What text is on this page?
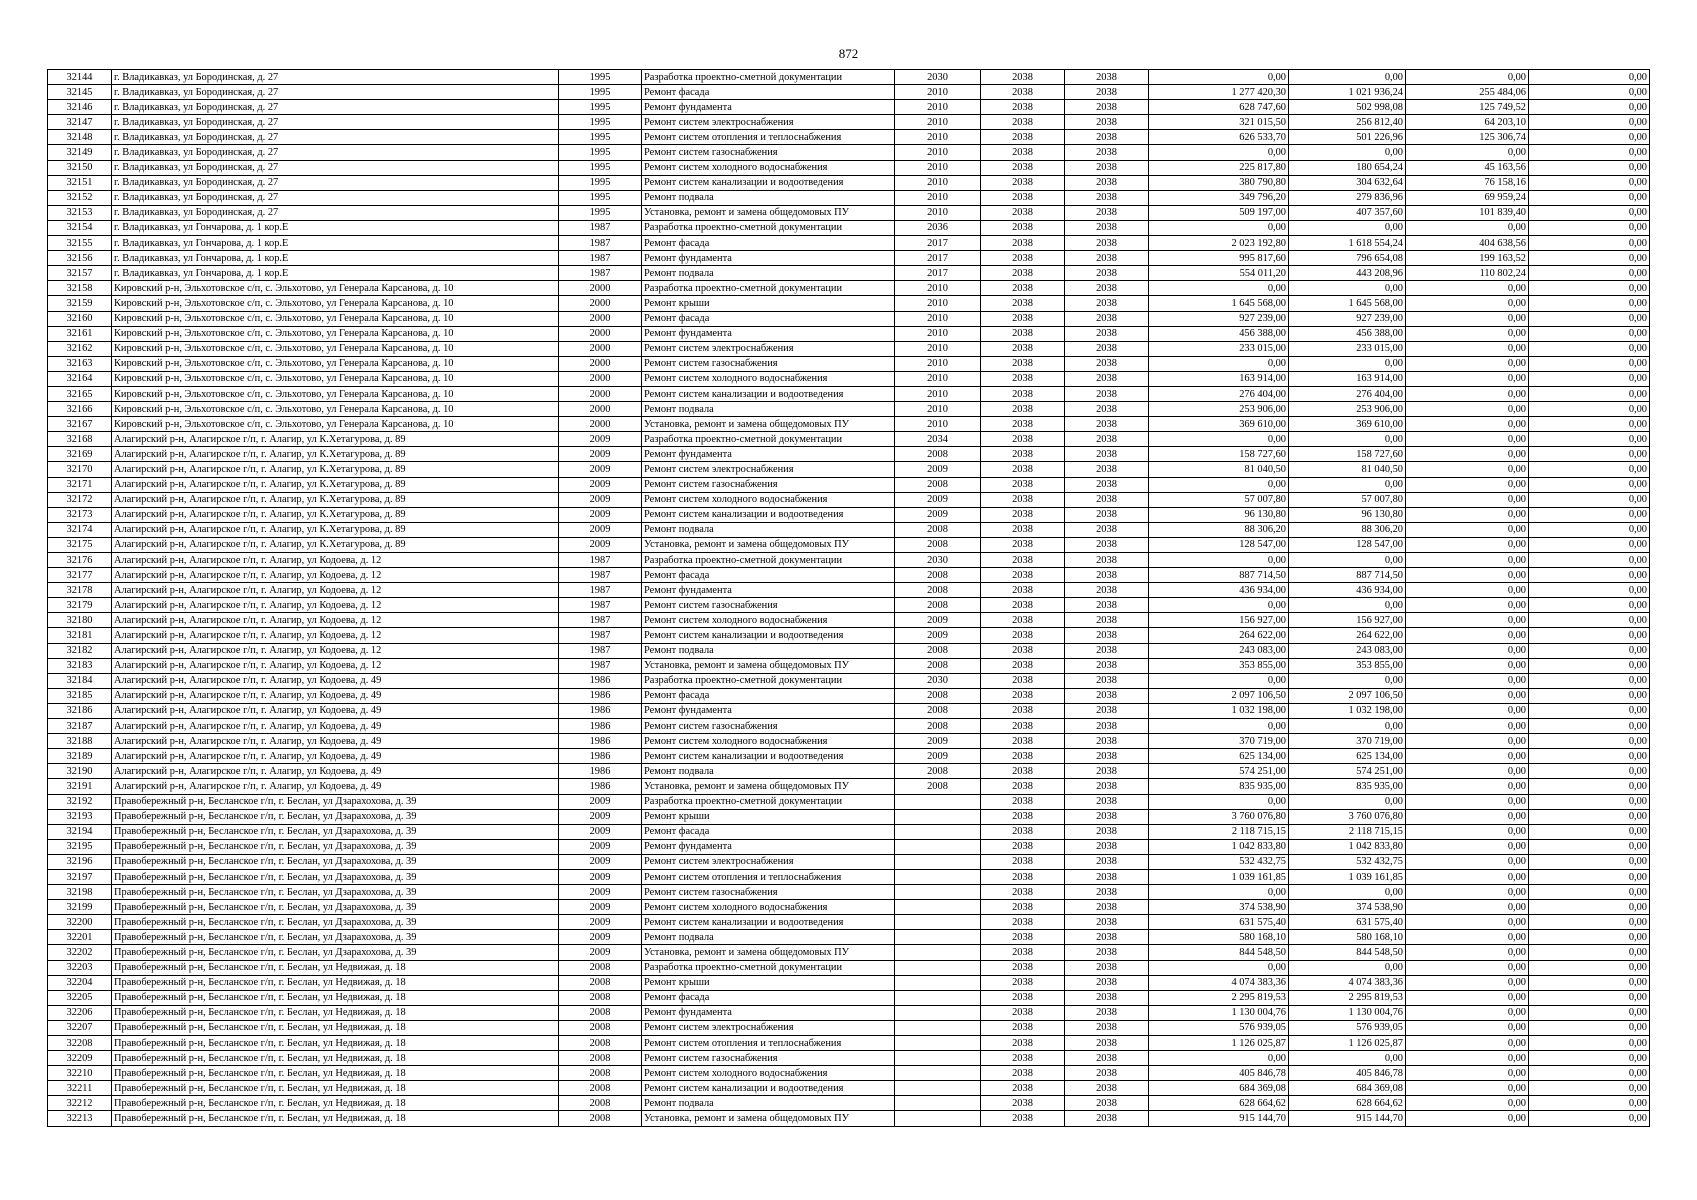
872
32144	г. Владикавказ, ул Бородинская, д. 27	1995	Разработка проектно-сметной документации	2030	2038	2038	0,00	0,00	0,00	0,00
32145	г. Владикавказ, ул Бородинская, д. 27	1995	Ремонт фасада	2010	2038	2038	1 277 420,30	1 021 936,24	255 484,06	0,00
32146	г. Владикавказ, ул Бородинская, д. 27	1995	Ремонт фундамента	2010	2038	2038	628 747,60	502 998,08	125 749,52	0,00
32147	г. Владикавказ, ул Бородинская, д. 27	1995	Ремонт систем электроснабжения	2010	2038	2038	321 015,50	256 812,40	64 203,10	0,00
32148	г. Владикавказ, ул Бородинская, д. 27	1995	Ремонт систем отопления и теплоснабжения	2010	2038	2038	626 533,70	501 226,96	125 306,74	0,00
32149	г. Владикавказ, ул Бородинская, д. 27	1995	Ремонт систем газоснабжения	2010	2038	2038	0,00	0,00	0,00	0,00
32150	г. Владикавказ, ул Бородинская, д. 27	1995	Ремонт систем холодного водоснабжения	2010	2038	2038	225 817,80	180 654,24	45 163,56	0,00
32151	г. Владикавказ, ул Бородинская, д. 27	1995	Ремонт систем канализации и водоотведения	2010	2038	2038	380 790,80	304 632,64	76 158,16	0,00
32152	г. Владикавказ, ул Бородинская, д. 27	1995	Ремонт подвала	2010	2038	2038	349 796,20	279 836,96	69 959,24	0,00
32153	г. Владикавказ, ул Бородинская, д. 27	1995	Установка, ремонт и замена общедомовых ПУ	2010	2038	2038	509 197,00	407 357,60	101 839,40	0,00
32154	г. Владикавказ, ул Гончарова, д. 1 кор.Е	1987	Разработка проектно-сметной документации	2036	2038	2038	0,00	0,00	0,00	0,00
32155	г. Владикавказ, ул Гончарова, д. 1 кор.Е	1987	Ремонт фасада	2017	2038	2038	2 023 192,80	1 618 554,24	404 638,56	0,00
32156	г. Владикавказ, ул Гончарова, д. 1 кор.Е	1987	Ремонт фундамента	2017	2038	2038	995 817,60	796 654,08	199 163,52	0,00
32157	г. Владикавказ, ул Гончарова, д. 1 кор.Е	1987	Ремонт подвала	2017	2038	2038	554 011,20	443 208,96	110 802,24	0,00
32158	Кировский р-н, Эльхотовское с/п, с. Эльхотово, ул Генерала Карсанова, д. 10	2000	Разработка проектно-сметной документации	2010	2038	2038	0,00	0,00	0,00	0,00
32159	Кировский р-н, Эльхотовское с/п, с. Эльхотово, ул Генерала Карсанова, д. 10	2000	Ремонт крыши	2010	2038	2038	1 645 568,00	1 645 568,00	0,00	0,00
32160	Кировский р-н, Эльхотовское с/п, с. Эльхотово, ул Генерала Карсанова, д. 10	2000	Ремонт фасада	2010	2038	2038	927 239,00	927 239,00	0,00	0,00
32161	Кировский р-н, Эльхотовское с/п, с. Эльхотово, ул Генерала Карсанова, д. 10	2000	Ремонт фундамента	2010	2038	2038	456 388,00	456 388,00	0,00	0,00
32162	Кировский р-н, Эльхотовское с/п, с. Эльхотово, ул Генерала Карсанова, д. 10	2000	Ремонт систем электроснабжения	2010	2038	2038	233 015,00	233 015,00	0,00	0,00
32163	Кировский р-н, Эльхотовское с/п, с. Эльхотово, ул Генерала Карсанова, д. 10	2000	Ремонт систем газоснабжения	2010	2038	2038	0,00	0,00	0,00	0,00
32164	Кировский р-н, Эльхотовское с/п, с. Эльхотово, ул Генерала Карсанова, д. 10	2000	Ремонт систем холодного водоснабжения	2010	2038	2038	163 914,00	163 914,00	0,00	0,00
32165	Кировский р-н, Эльхотовское с/п, с. Эльхотово, ул Генерала Карсанова, д. 10	2000	Ремонт систем канализации и водоотведения	2010	2038	2038	276 404,00	276 404,00	0,00	0,00
32166	Кировский р-н, Эльхотовское с/п, с. Эльхотово, ул Генерала Карсанова, д. 10	2000	Ремонт подвала	2010	2038	2038	253 906,00	253 906,00	0,00	0,00
32167	Кировский р-н, Эльхотовское с/п, с. Эльхотово, ул Генерала Карсанова, д. 10	2000	Установка, ремонт и замена общедомовых ПУ	2010	2038	2038	369 610,00	369 610,00	0,00	0,00
32168	Алагирский р-н, Алагирское г/п, г. Алагир, ул К.Хетагурова, д. 89	2009	Разработка проектно-сметной документации	2034	2038	2038	0,00	0,00	0,00	0,00
32169	Алагирский р-н, Алагирское г/п, г. Алагир, ул К.Хетагурова, д. 89	2009	Ремонт фундамента	2008	2038	2038	158 727,60	158 727,60	0,00	0,00
32170	Алагирский р-н, Алагирское г/п, г. Алагир, ул К.Хетагурова, д. 89	2009	Ремонт систем электроснабжения	2009	2038	2038	81 040,50	81 040,50	0,00	0,00
32171	Алагирский р-н, Алагирское г/п, г. Алагир, ул К.Хетагурова, д. 89	2009	Ремонт систем газоснабжения	2008	2038	2038	0,00	0,00	0,00	0,00
32172	Алагирский р-н, Алагирское г/п, г. Алагир, ул К.Хетагурова, д. 89	2009	Ремонт систем холодного водоснабжения	2009	2038	2038	57 007,80	57 007,80	0,00	0,00
32173	Алагирский р-н, Алагирское г/п, г. Алагир, ул К.Хетагурова, д. 89	2009	Ремонт систем канализации и водоотведения	2009	2038	2038	96 130,80	96 130,80	0,00	0,00
32174	Алагирский р-н, Алагирское г/п, г. Алагир, ул К.Хетагурова, д. 89	2009	Ремонт подвала	2008	2038	2038	88 306,20	88 306,20	0,00	0,00
32175	Алагирский р-н, Алагирское г/п, г. Алагир, ул К.Хетагурова, д. 89	2009	Установка, ремонт и замена общедомовых ПУ	2008	2038	2038	128 547,00	128 547,00	0,00	0,00
32176	Алагирский р-н, Алагирское г/п, г. Алагир, ул Кодоева, д. 12	1987	Разработка проектно-сметной документации	2030	2038	2038	0,00	0,00	0,00	0,00
32177	Алагирский р-н, Алагирское г/п, г. Алагир, ул Кодоева, д. 12	1987	Ремонт фасада	2008	2038	2038	887 714,50	887 714,50	0,00	0,00
32178	Алагирский р-н, Алагирское г/п, г. Алагир, ул Кодоева, д. 12	1987	Ремонт фундамента	2008	2038	2038	436 934,00	436 934,00	0,00	0,00
32179	Алагирский р-н, Алагирское г/п, г. Алагир, ул Кодоева, д. 12	1987	Ремонт систем газоснабжения	2008	2038	2038	0,00	0,00	0,00	0,00
32180	Алагирский р-н, Алагирское г/п, г. Алагир, ул Кодоева, д. 12	1987	Ремонт систем холодного водоснабжения	2009	2038	2038	156 927,00	156 927,00	0,00	0,00
32181	Алагирский р-н, Алагирское г/п, г. Алагир, ул Кодоева, д. 12	1987	Ремонт систем канализации и водоотведения	2009	2038	2038	264 622,00	264 622,00	0,00	0,00
32182	Алагирский р-н, Алагирское г/п, г. Алагир, ул Кодоева, д. 12	1987	Ремонт подвала	2008	2038	2038	243 083,00	243 083,00	0,00	0,00
32183	Алагирский р-н, Алагирское г/п, г. Алагир, ул Кодоева, д. 12	1987	Установка, ремонт и замена общедомовых ПУ	2008	2038	2038	353 855,00	353 855,00	0,00	0,00
32184	Алагирский р-н, Алагирское г/п, г. Алагир, ул Кодоева, д. 49	1986	Разработка проектно-сметной документации	2030	2038	2038	0,00	0,00	0,00	0,00
32185	Алагирский р-н, Алагирское г/п, г. Алагир, ул Кодоева, д. 49	1986	Ремонт фасада	2008	2038	2038	2 097 106,50	2 097 106,50	0,00	0,00
32186	Алагирский р-н, Алагирское г/п, г. Алагир, ул Кодоева, д. 49	1986	Ремонт фундамента	2008	2038	2038	1 032 198,00	1 032 198,00	0,00	0,00
32187	Алагирский р-н, Алагирское г/п, г. Алагир, ул Кодоева, д. 49	1986	Ремонт систем газоснабжения	2008	2038	2038	0,00	0,00	0,00	0,00
32188	Алагирский р-н, Алагирское г/п, г. Алагир, ул Кодоева, д. 49	1986	Ремонт систем холодного водоснабжения	2009	2038	2038	370 719,00	370 719,00	0,00	0,00
32189	Алагирский р-н, Алагирское г/п, г. Алагир, ул Кодоева, д. 49	1986	Ремонт систем канализации и водоотведения	2009	2038	2038	625 134,00	625 134,00	0,00	0,00
32190	Алагирский р-н, Алагирское г/п, г. Алагир, ул Кодоева, д. 49	1986	Ремонт подвала	2008	2038	2038	574 251,00	574 251,00	0,00	0,00
32191	Алагирский р-н, Алагирское г/п, г. Алагир, ул Кодоева, д. 49	1986	Установка, ремонт и замена общедомовых ПУ	2008	2038	2038	835 935,00	835 935,00	0,00	0,00
32192	Правобережный р-н, Бесланское г/п, г. Беслан, ул Дзарахохова, д. 39	2009	Разработка проектно-сметной документации		2038	2038	0,00	0,00	0,00	0,00
32193	Правобережный р-н, Бесланское г/п, г. Беслан, ул Дзарахохова, д. 39	2009	Ремонт крыши		2038	2038	3 760 076,80	3 760 076,80	0,00	0,00
32194	Правобережный р-н, Бесланское г/п, г. Беслан, ул Дзарахохова, д. 39	2009	Ремонт фасада		2038	2038	2 118 715,15	2 118 715,15	0,00	0,00
32195	Правобережный р-н, Бесланское г/п, г. Беслан, ул Дзарахохова, д. 39	2009	Ремонт фундамента		2038	2038	1 042 833,80	1 042 833,80	0,00	0,00
32196	Правобережный р-н, Бесланское г/п, г. Беслан, ул Дзарахохова, д. 39	2009	Ремонт систем электроснабжения		2038	2038	532 432,75	532 432,75	0,00	0,00
32197	Правобережный р-н, Бесланское г/п, г. Беслан, ул Дзарахохова, д. 39	2009	Ремонт систем отопления и теплоснабжения		2038	2038	1 039 161,85	1 039 161,85	0,00	0,00
32198	Правобережный р-н, Бесланское г/п, г. Беслан, ул Дзарахохова, д. 39	2009	Ремонт систем газоснабжения		2038	2038	0,00	0,00	0,00	0,00
32199	Правобережный р-н, Бесланское г/п, г. Беслан, ул Дзарахохова, д. 39	2009	Ремонт систем холодного водоснабжения		2038	2038	374 538,90	374 538,90	0,00	0,00
32200	Правобережный р-н, Бесланское г/п, г. Беслан, ул Дзарахохова, д. 39	2009	Ремонт систем канализации и водоотведения		2038	2038	631 575,40	631 575,40	0,00	0,00
32201	Правобережный р-н, Бесланское г/п, г. Беслан, ул Дзарахохова, д. 39	2009	Ремонт подвала		2038	2038	580 168,10	580 168,10	0,00	0,00
32202	Правобережный р-н, Бесланское г/п, г. Беслан, ул Дзарахохова, д. 39	2009	Установка, ремонт и замена общедомовых ПУ		2038	2038	844 548,50	844 548,50	0,00	0,00
32203	Правобережный р-н, Бесланское г/п, г. Беслан, ул Недвижая, д. 18	2008	Разработка проектно-сметной документации		2038	2038	0,00	0,00	0,00	0,00
32204	Правобережный р-н, Бесланское г/п, г. Беслан, ул Недвижая, д. 18	2008	Ремонт крыши		2038	2038	4 074 383,36	4 074 383,36	0,00	0,00
32205	Правобережный р-н, Бесланское г/п, г. Беслан, ул Недвижая, д. 18	2008	Ремонт фасада		2038	2038	2 295 819,53	2 295 819,53	0,00	0,00
32206	Правобережный р-н, Бесланское г/п, г. Беслан, ул Недвижая, д. 18	2008	Ремонт фундамента		2038	2038	1 130 004,76	1 130 004,76	0,00	0,00
32207	Правобережный р-н, Бесланское г/п, г. Беслан, ул Недвижая, д. 18	2008	Ремонт систем электроснабжения		2038	2038	576 939,05	576 939,05	0,00	0,00
32208	Правобережный р-н, Бесланское г/п, г. Беслан, ул Недвижая, д. 18	2008	Ремонт систем отопления и теплоснабжения		2038	2038	1 126 025,87	1 126 025,87	0,00	0,00
32209	Правобережный р-н, Бесланское г/п, г. Беслан, ул Недвижая, д. 18	2008	Ремонт систем газоснабжения		2038	2038	0,00	0,00	0,00	0,00
32210	Правобережный р-н, Бесланское г/п, г. Беслан, ул Недвижая, д. 18	2008	Ремонт систем холодного водоснабжения		2038	2038	405 846,78	405 846,78	0,00	0,00
32211	Правобережный р-н, Бесланское г/п, г. Беслан, ул Недвижая, д. 18	2008	Ремонт систем канализации и водоотведения		2038	2038	684 369,08	684 369,08	0,00	0,00
32212	Правобережный р-н, Бесланское г/п, г. Беслан, ул Недвижая, д. 18	2008	Ремонт подвала		2038	2038	628 664,62	628 664,62	0,00	0,00
32213	Правобережный р-н, Бесланское г/п, г. Беслан, ул Недвижая, д. 18	2008	Установка, ремонт и замена общедомовых ПУ		2038	2038	915 144,70	915 144,70	0,00	0,00
